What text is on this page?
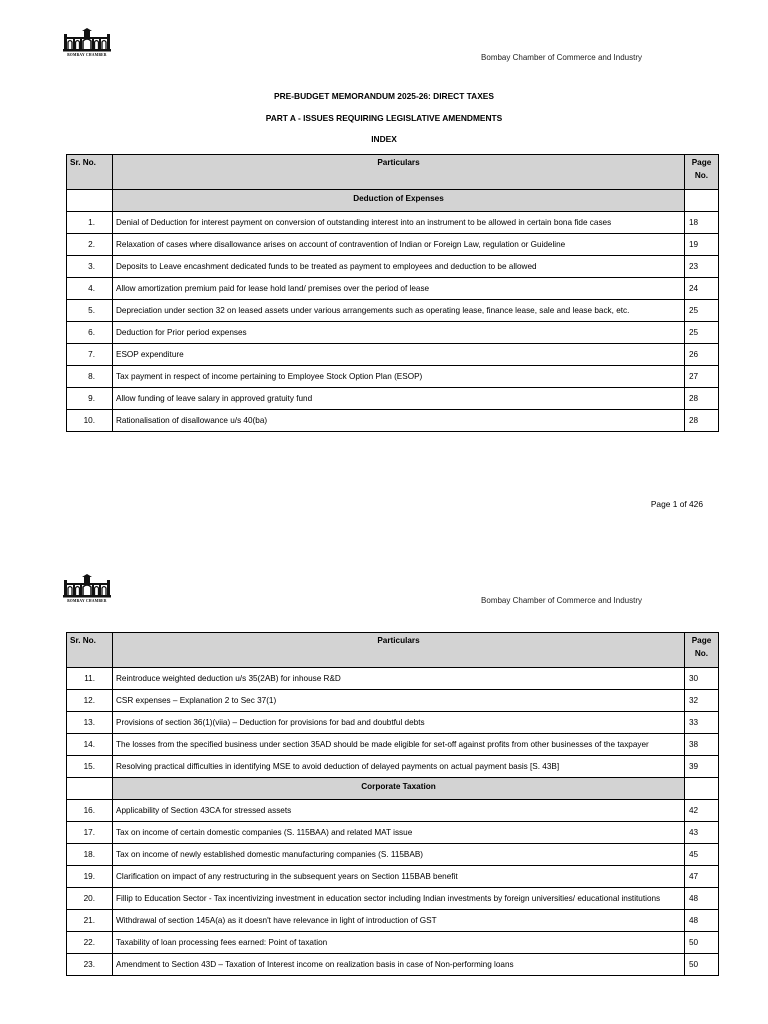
BOMBAY CHAMBER	Bombay Chamber of Commerce and Industry
PRE-BUDGET MEMORANDUM 2025-26: DIRECT TAXES
PART A - ISSUES REQUIRING LEGISLATIVE AMENDMENTS
INDEX
Sr. No.	Particulars	Page
No.

	Deduction of Expenses	
1.	Denial of Deduction for interest payment on conversion of outstanding interest into an instrument to be allowed in certain bona fide cases	18
2.	Relaxation of cases where disallowance arises on account of contravention of Indian or Foreign Law, regulation or Guideline	19
3.	Deposits to Leave encashment dedicated funds to be treated as payment to employees and deduction to be allowed	23
4.	Allow amortization premium paid for lease hold land/ premises over the period of lease	24
5.	Depreciation under section 32 on leased assets under various arrangements such as operating lease, finance lease, sale and lease back, etc.	25
6.	Deduction for Prior period expenses	25
7.	ESOP expenditure	26
8.	Tax payment in respect of income pertaining to Employee Stock Option Plan (ESOP)	27
9.	Allow funding of leave salary in approved gratuity fund	28
10.	Rationalisation of disallowance u/s 40(ba)	28
Page 1 of 426
BOMBAY CHAMBER	Bombay Chamber of Commerce and Industry
Sr. No.	Particulars	Page
No.

11.	Reintroduce weighted deduction u/s 35(2AB) for inhouse R&D	30
12.	CSR expenses – Explanation 2 to Sec 37(1)	32
13.	Provisions of section 36(1)(viia) – Deduction for provisions for bad and doubtful debts	33
14.	The losses from the specified business under section 35AD should be made eligible for set-off against profits from other businesses of the taxpayer	38
15.	Resolving practical difficulties in identifying MSE to avoid deduction of delayed payments on actual payment basis [S. 43B]	39
	Corporate Taxation	
16.	Applicability of Section 43CA for stressed assets	42
17.	Tax on income of certain domestic companies (S. 115BAA) and related MAT issue	43
18.	Tax on income of newly established domestic manufacturing companies (S. 115BAB)	45
19.	Clarification on impact of any restructuring in the subsequent years on Section 115BAB benefit	47
20.	Fillip to Education Sector - Tax incentivizing investment in education sector including Indian investments by foreign universities/ educational institutions	48
21.	Withdrawal of section 145A(a) as it doesn't have relevance in light of introduction of GST	48
22.	Taxability of loan processing fees earned: Point of taxation	50
23.	Amendment to Section 43D – Taxation of Interest income on realization basis in case of Non-performing loans	50
